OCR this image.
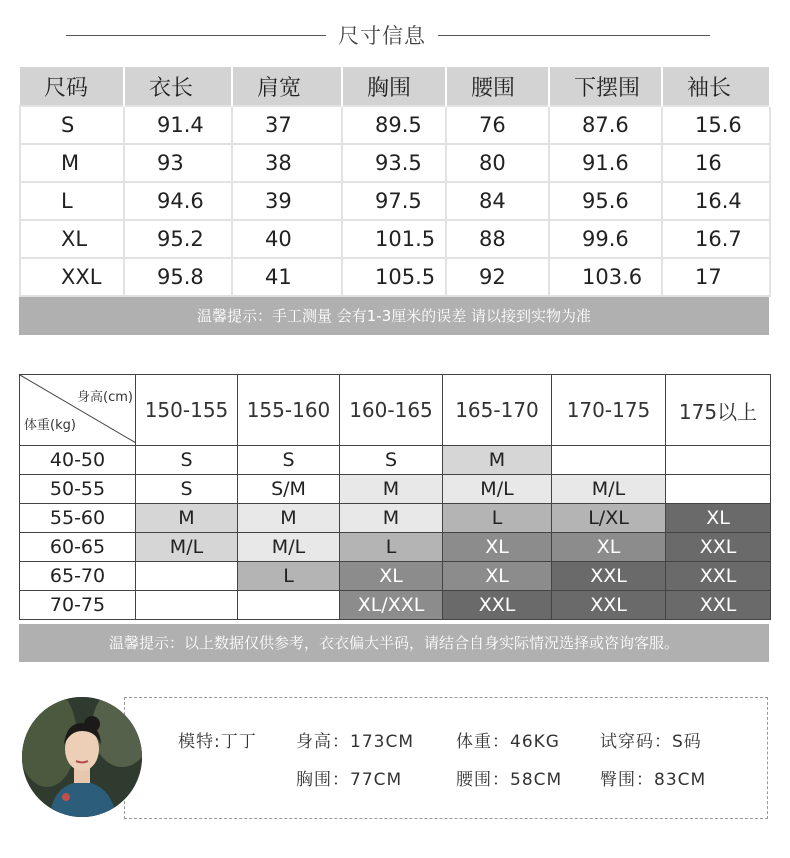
尺寸信息
尺码	衣长	肩宽	胸围	腰围	下摆围	袖长
S	91.4	37	89.5	76	87.6	15.6
M	93	38	93.5	80	91.6	16
L	94.6	39	97.5	84	95.6	16.4
XL	95.2	40	101.5	88	99.6	16.7
XXL	95.8	41	105.5	92	103.6	17
温馨提示：手工测量 会有1-3厘米的误差 请以接到实物为准
身高(cm)
体重(kg)	150-155	155-160	160-165	165-170	170-175	175以上
40-50	S	S	S	M		
50-55	S	S/M	M	M/L	M/L	
55-60	M	M	M	L	L/XL	XL
60-65	M/L	M/L	L	XL	XL	XXL
65-70		L	XL	XL	XXL	XXL
70-75			XL/XXL	XXL	XXL	XXL
温馨提示：以上数据仅供参考，衣衣偏大半码，请结合自身实际情况选择或咨询客服。
模特:丁丁 身高：173CM 体重：46KG 试穿码：S码
胸围：77CM	腰围：58CM 臀围：83CM
